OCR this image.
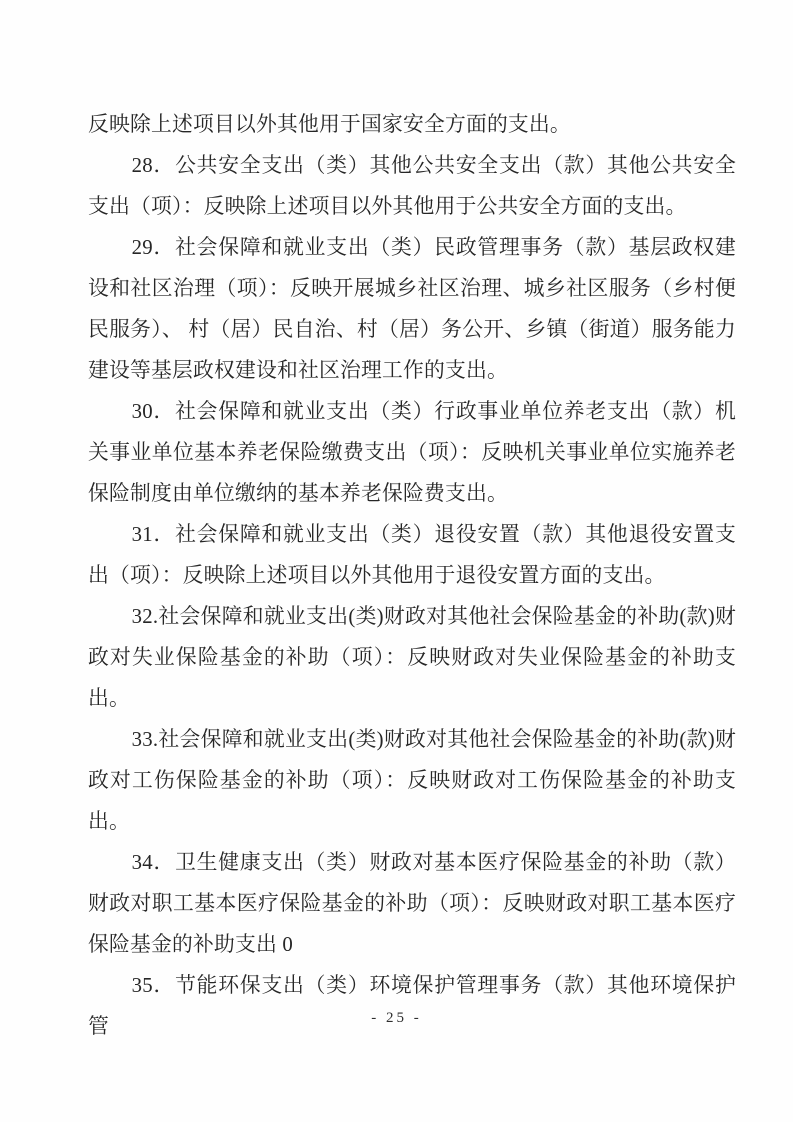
反映除上述项目以外其他用于国家安全方面的支出。

28．公共安全支出（类）其他公共安全支出（款）其他公共安全支出（项）：反映除上述项目以外其他用于公共安全方面的支出。

29．社会保障和就业支出（类）民政管理事务（款）基层政权建设和社区治理（项）：反映开展城乡社区治理、城乡社区服务（乡村便民服务）、 村（居）民自治、村（居）务公开、乡镇（街道）服务能力建设等基层政权建设和社区治理工作的支出。

30．社会保障和就业支出（类）行政事业单位养老支出（款）机关事业单位基本养老保险缴费支出（项）：反映机关事业单位实施养老保险制度由单位缴纳的基本养老保险费支出。

31．社会保障和就业支出（类）退役安置（款）其他退役安置支出（项）：反映除上述项目以外其他用于退役安置方面的支出。

32.社会保障和就业支出(类)财政对其他社会保险基金的补助(款)财政对失业保险基金的补助（项）：反映财政对失业保险基金的补助支出。

33.社会保障和就业支出(类)财政对其他社会保险基金的补助(款)财政对工伤保险基金的补助（项）：反映财政对工伤保险基金的补助支出。

34．卫生健康支出（类）财政对基本医疗保险基金的补助（款）财政对职工基本医疗保险基金的补助（项）：反映财政对职工基本医疗保险基金的补助支出 0

35．节能环保支出（类）环境保护管理事务（款）其他环境保护管	- 25 -
